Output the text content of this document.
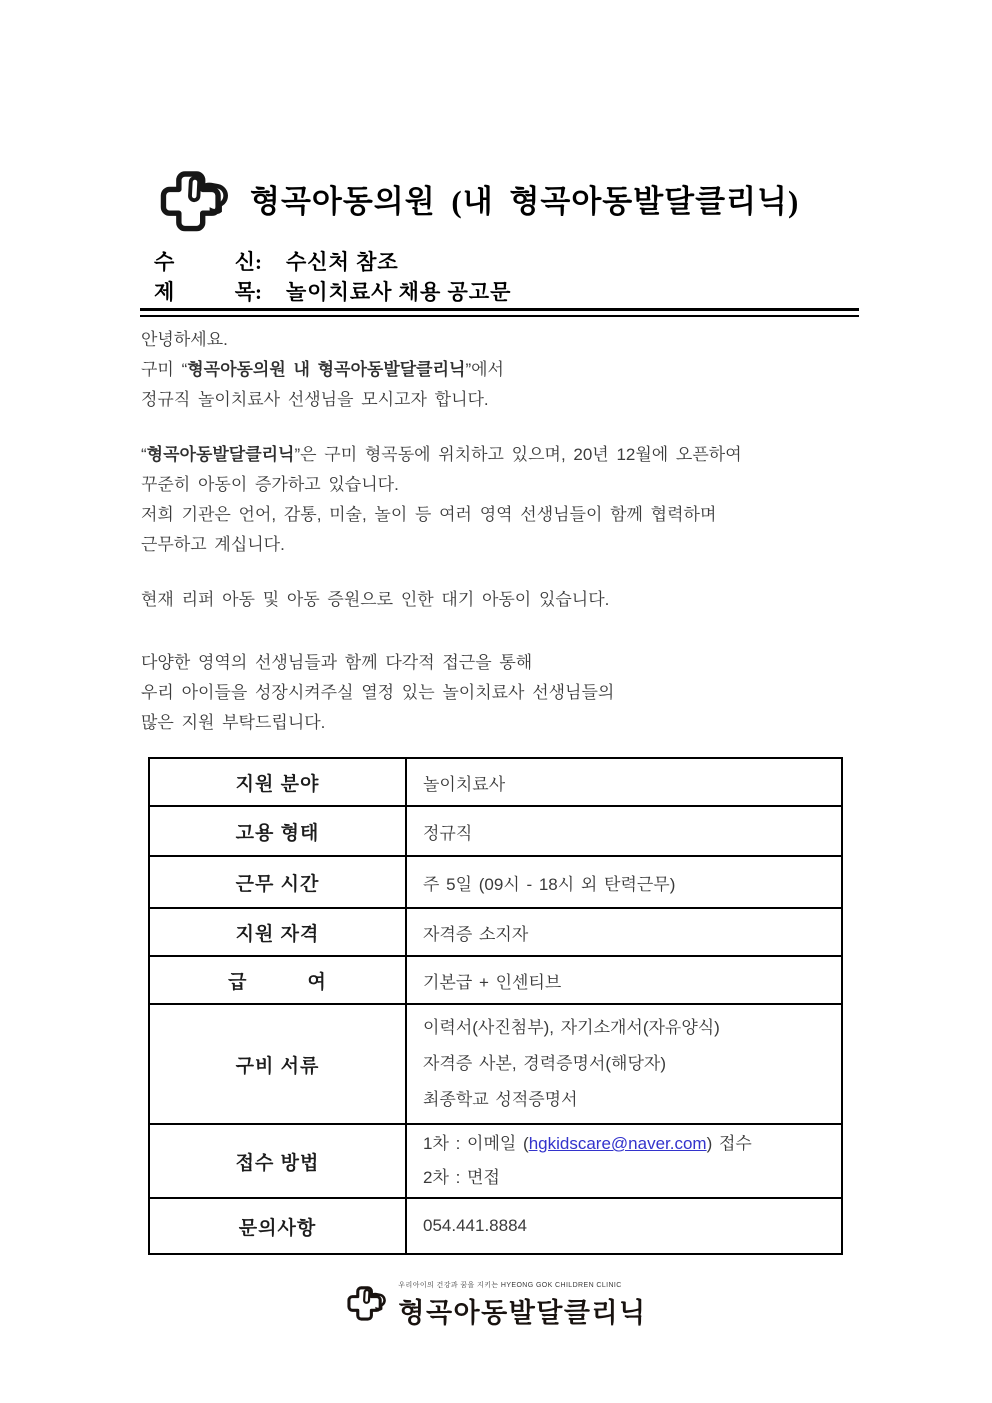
형곡아동의원 (내 형곡아동발달클리닉)
수	신: 수신처 참조
제	목: 놀이치료사 채용 공고문
안녕하세요.
구미 “형곡아동의원 내 형곡아동발달클리닉”에서
정규직 놀이치료사 선생님을 모시고자 합니다.
“형곡아동발달클리닉”은 구미 형곡동에 위치하고 있으며, 20년 12월에 오픈하여
꾸준히 아동이 증가하고 있습니다.
저희 기관은 언어, 감통, 미술, 놀이 등 여러 영역 선생님들이 함께 협력하며
근무하고 계십니다.
현재 리퍼 아동 및 아동 증원으로 인한 대기 아동이 있습니다.
다양한 영역의 선생님들과 함께 다각적 접근을 통해
우리 아이들을 성장시켜주실 열정 있는 놀이치료사 선생님들의
많은 지원 부탁드립니다.
지원 분야	놀이치료사
고용 형태	정규직
근무 시간	주 5일 (09시 - 18시 외 탄력근무)
지원 자격	자격증 소지자
급　　　여	기본급 + 인센티브
구비 서류	이력서(사진첨부), 자기소개서(자유양식)
자격증 사본, 경력증명서(해당자)
최종학교 성적증명서

접수 방법	1차 : 이메일 (hgkidscare@naver.com) 접수
2차 : 면접

문의사항	054.441.8884
우리아이의 건강과 꿈을 지키는 HYEONG GOK CHILDREN CLINIC
형곡아동발달클리닉
